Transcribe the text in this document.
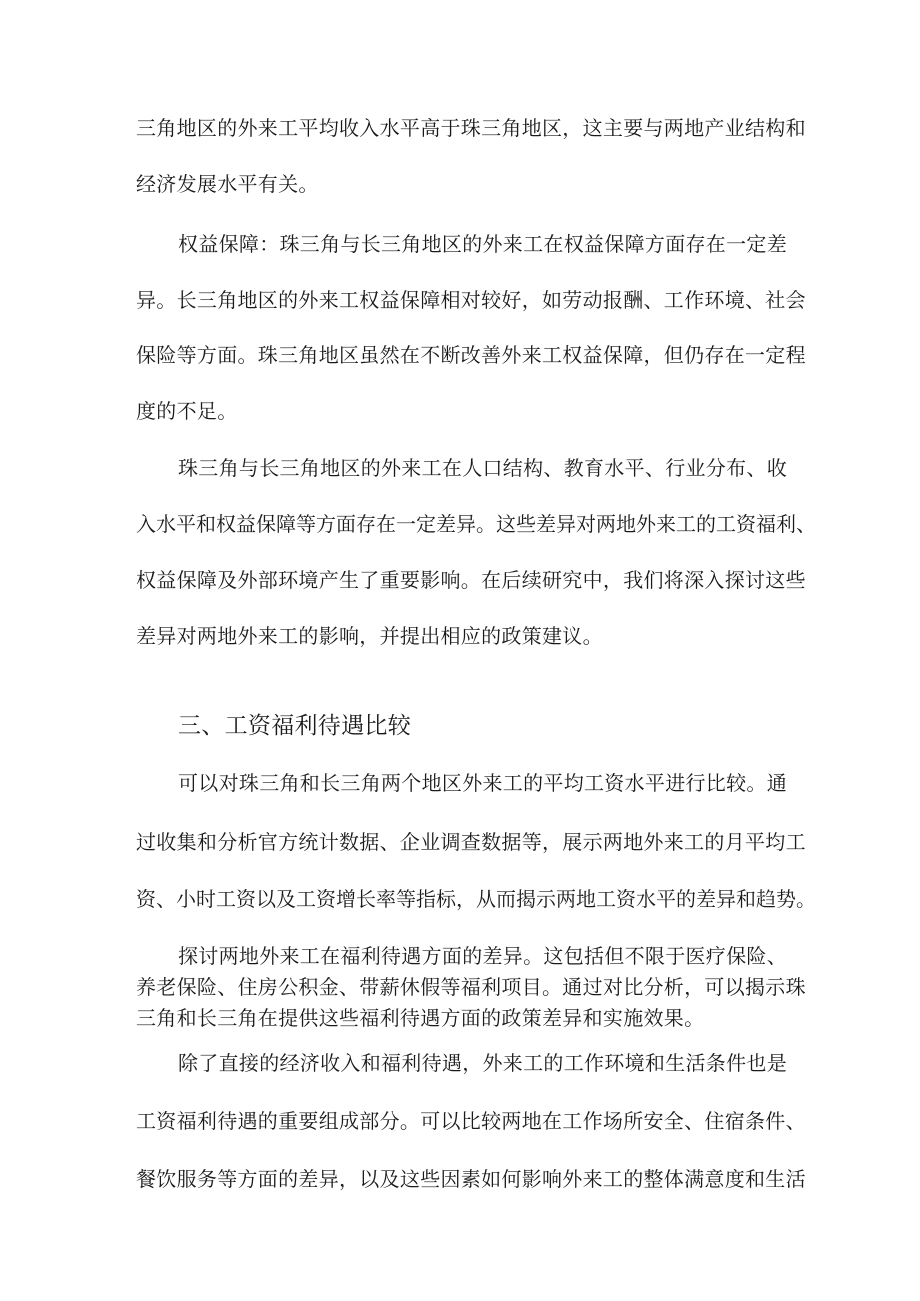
三角地区的外来工平均收入水平高于珠三角地区，这主要与两地产业结构和
经济发展水平有关。
权益保障：珠三角与长三角地区的外来工在权益保障方面存在一定差
异。长三角地区的外来工权益保障相对较好，如劳动报酬、工作环境、社会
保险等方面。珠三角地区虽然在不断改善外来工权益保障，但仍存在一定程
度的不足。
珠三角与长三角地区的外来工在人口结构、教育水平、行业分布、收
入水平和权益保障等方面存在一定差异。这些差异对两地外来工的工资福利、
权益保障及外部环境产生了重要影响。在后续研究中，我们将深入探讨这些
差异对两地外来工的影响，并提出相应的政策建议。
三、工资福利待遇比较
可以对珠三角和长三角两个地区外来工的平均工资水平进行比较。通
过收集和分析官方统计数据、企业调查数据等，展示两地外来工的月平均工
资、小时工资以及工资增长率等指标，从而揭示两地工资水平的差异和趋势。
探讨两地外来工在福利待遇方面的差异。这包括但不限于医疗保险、
养老保险、住房公积金、带薪休假等福利项目。通过对比分析，可以揭示珠
三角和长三角在提供这些福利待遇方面的政策差异和实施效果。
除了直接的经济收入和福利待遇，外来工的工作环境和生活条件也是
工资福利待遇的重要组成部分。可以比较两地在工作场所安全、住宿条件、
餐饮服务等方面的差异，以及这些因素如何影响外来工的整体满意度和生活
